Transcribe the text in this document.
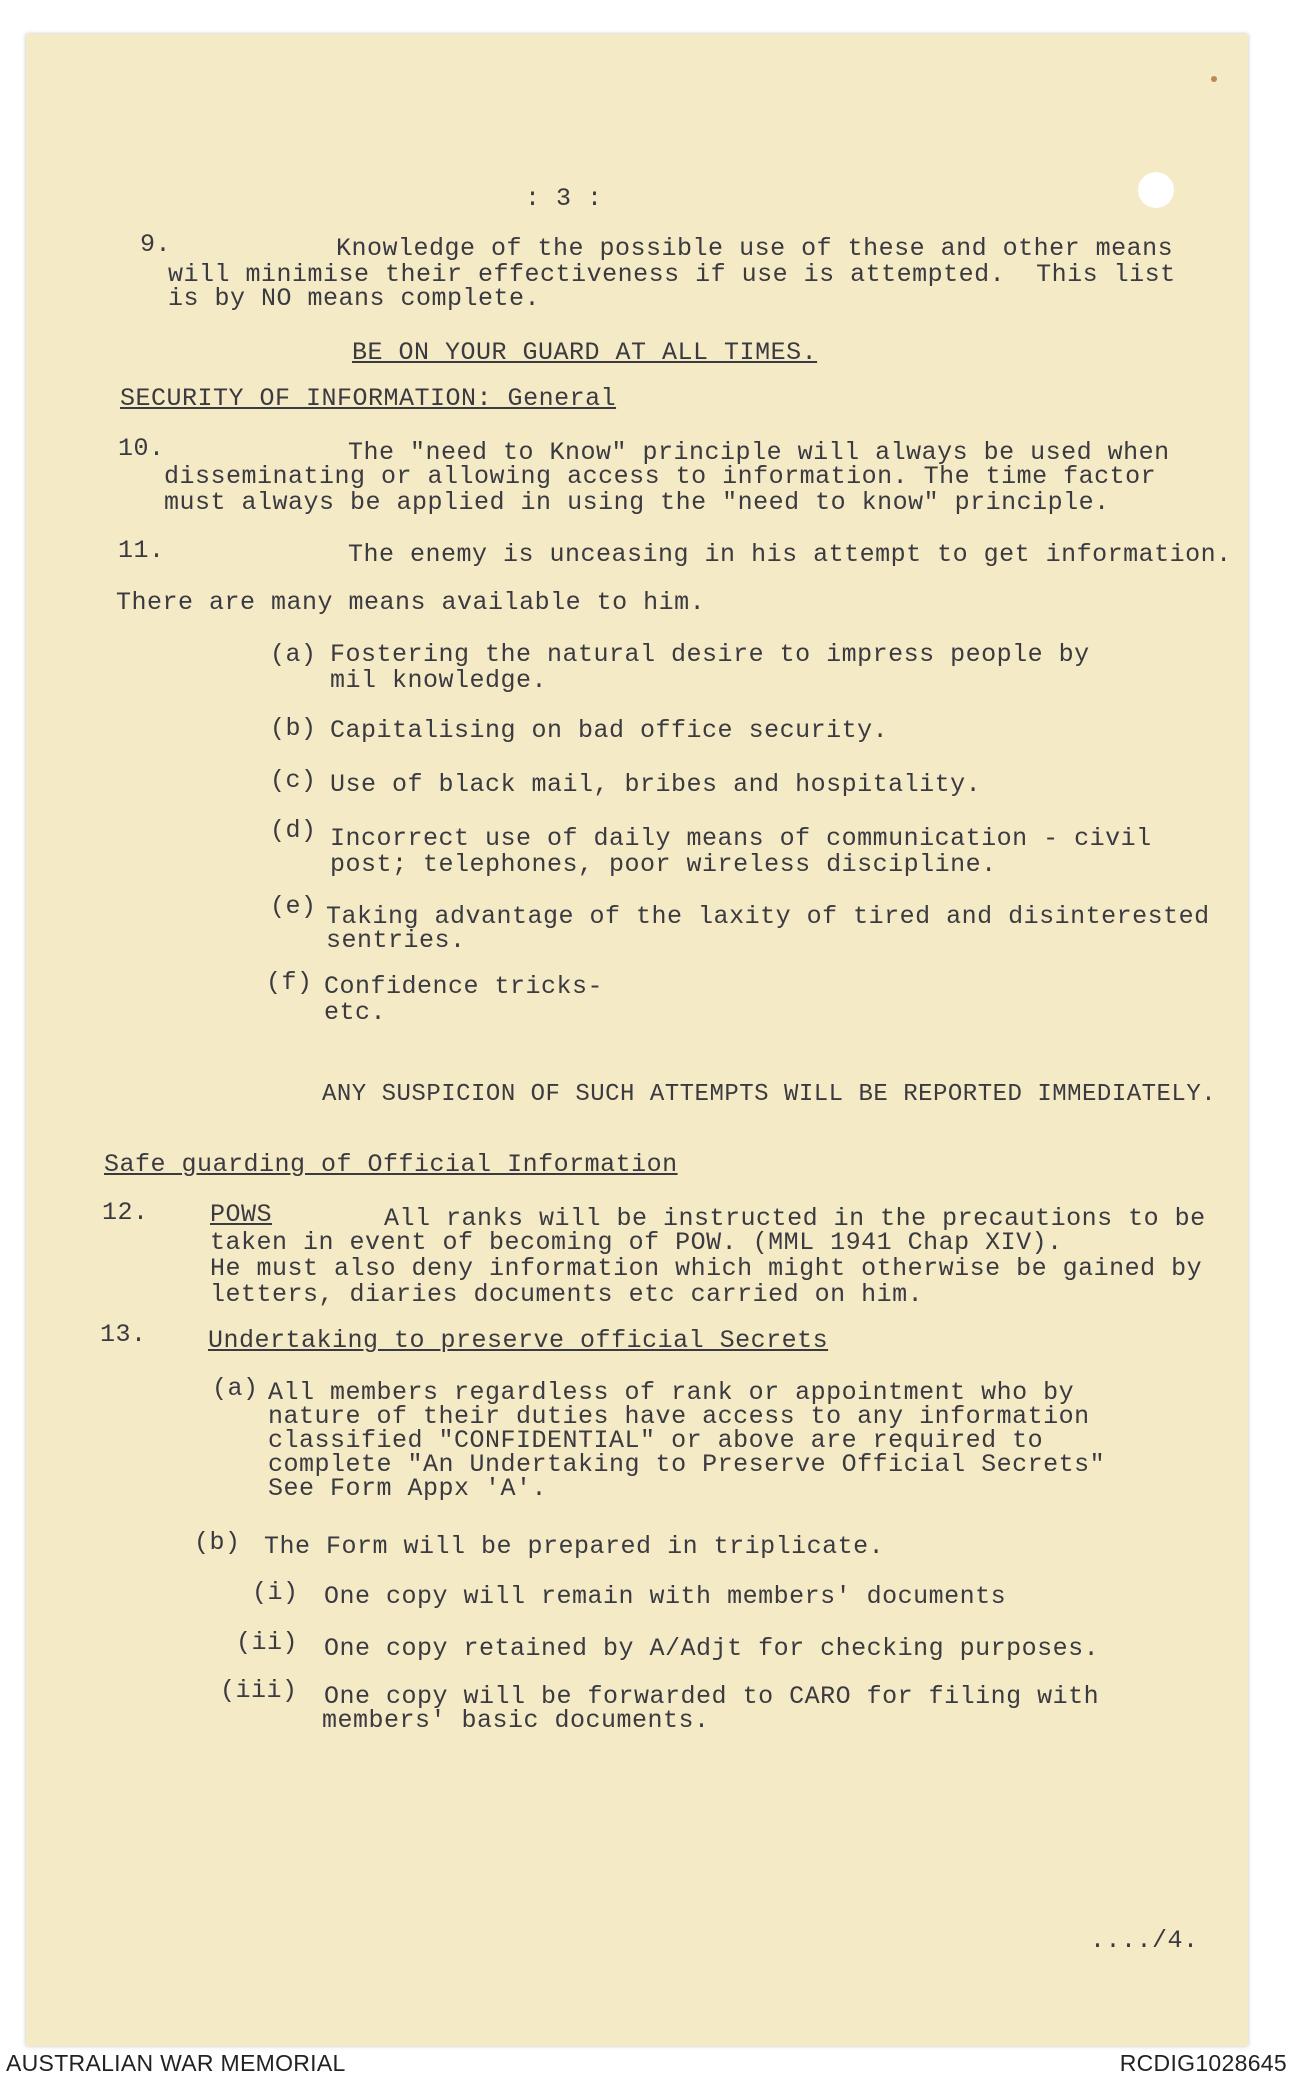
: 3 :
9.	Knowledge of the possible use of these and other means
will minimise their effectiveness if use is attempted.  This list
is by NO means complete.
BE ON YOUR GUARD AT ALL TIMES.
SECURITY OF INFORMATION: General
10.	The "need to Know" principle will always be used when
disseminating or allowing access to information. The time factor
must always be applied in using the "need to know" principle.
11.	The enemy is unceasing in his attempt to get information.
There are many means available to him.
(a) Fostering the natural desire to impress people by
mil knowledge.
(b) Capitalising on bad office security.
(c) Use of black mail, bribes and hospitality.
(d) Incorrect use of daily means of communication - civil
post; telephones, poor wireless discipline.
(e) Taking advantage of the laxity of tired and disinterested
sentries.
(f) Confidence tricks-
etc.
ANY SUSPICION OF SUCH ATTEMPTS WILL BE REPORTED IMMEDIATELY.
Safe guarding of Official Information
12. POWS	All ranks will be instructed in the precautions to be
taken in event of becoming of POW. (MML 1941 Chap XIV).
He must also deny information which might otherwise be gained by
letters, diaries documents etc carried on him.
13. Undertaking to preserve official Secrets
(a) All members regardless of rank or appointment who by
nature of their duties have access to any information
classified "CONFIDENTIAL" or above are required to
complete "An Undertaking to Preserve Official Secrets"
See Form Appx 'A'.
(b) The Form will be prepared in triplicate.
(i) One copy will remain with members' documents
(ii) One copy retained by A/Adjt for checking purposes.
(iii) One copy will be forwarded to CARO for filing with
members' basic documents.
..../4.
AUSTRALIAN WAR MEMORIAL	RCDIG1028645
